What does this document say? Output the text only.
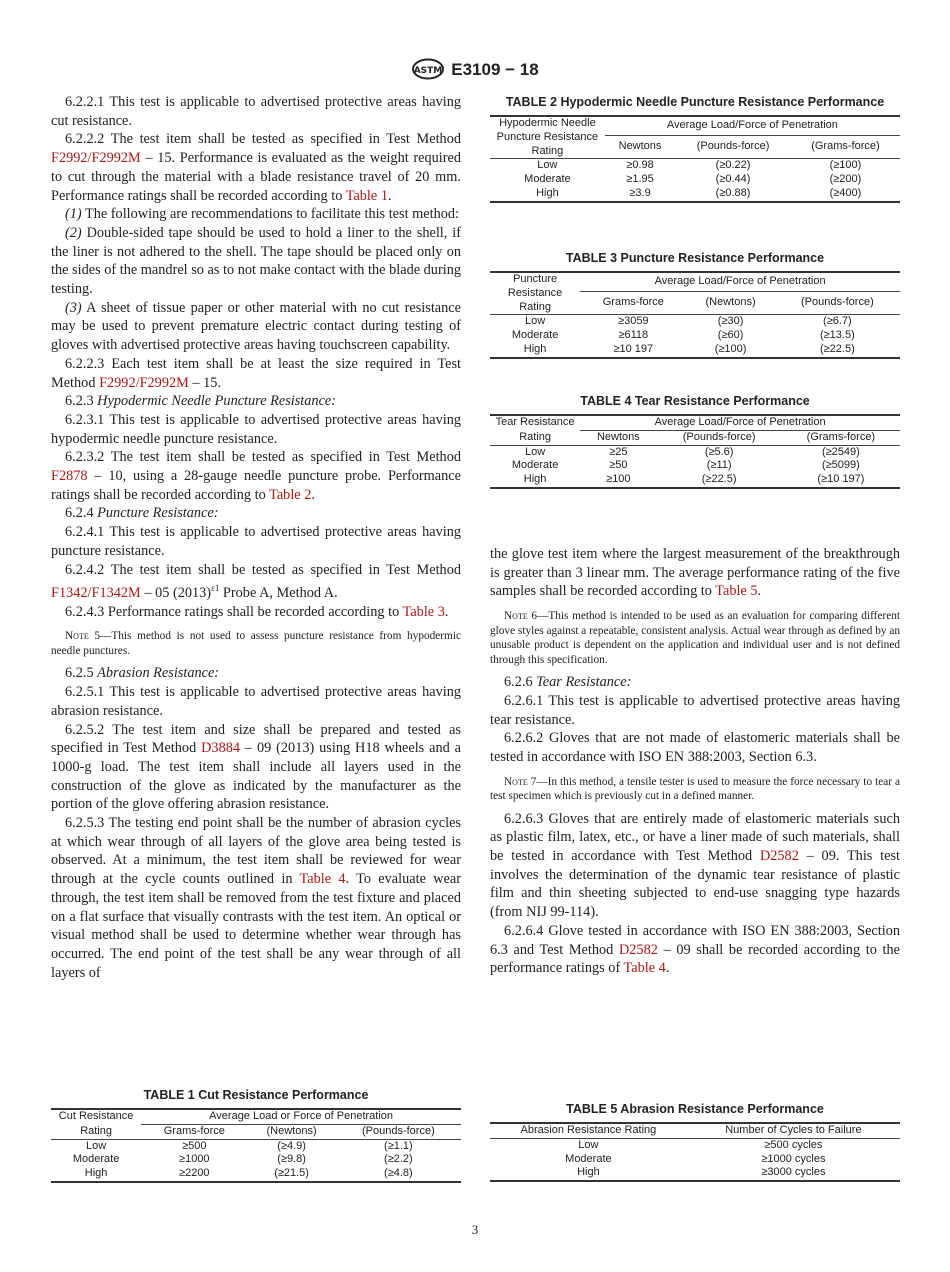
ASTM E3109 − 18

6.2.2.1 This test is applicable to advertised protective areas having cut resistance.

6.2.2.2 The test item shall be tested as specified in Test Method F2992/F2992M – 15. Performance is evaluated as the weight required to cut through the material with a blade resistance travel of 20 mm. Performance ratings shall be recorded according to Table 1.

(1) The following are recommendations to facilitate this test method:

(2) Double-sided tape should be used to hold a liner to the shell, if the liner is not adhered to the shell. The tape should be placed only on the sides of the mandrel so as to not make contact with the blade during testing.

(3) A sheet of tissue paper or other material with no cut resistance may be used to prevent premature electric contact during testing of gloves with advertised protective areas having touchscreen capability.

6.2.2.3 Each test item shall be at least the size required in Test Method F2992/F2992M – 15.

6.2.3 Hypodermic Needle Puncture Resistance:

6.2.3.1 This test is applicable to advertised protective areas having hypodermic needle puncture resistance.

6.2.3.2 The test item shall be tested as specified in Test Method F2878 – 10, using a 28-gauge needle puncture probe. Performance ratings shall be recorded according to Table 2.

6.2.4 Puncture Resistance:

6.2.4.1 This test is applicable to advertised protective areas having puncture resistance.

6.2.4.2 The test item shall be tested as specified in Test Method F1342/F1342M – 05 $(2013)^{\varepsilon 1}$ Probe A, Method A.

6.2.4.3 Performance ratings shall be recorded according to Table 3.

Note 5—This method is not used to assess puncture resistance from hypodermic needle punctures.

6.2.5 Abrasion Resistance:

6.2.5.1 This test is applicable to advertised protective areas having abrasion resistance.

6.2.5.2 The test item and size shall be prepared and tested as specified in Test Method D3884 – 09 (2013) using H18 wheels and a 1000-g load. The test item shall include all layers used in the construction of the glove as indicated by the manufacturer as the portion of the glove offering abrasion resistance.

6.2.5.3 The testing end point shall be the number of abrasion cycles at which wear through of all layers of the glove area being tested is observed. At a minimum, the test item shall be reviewed for wear through at the cycle counts outlined in Table 4. To evaluate wear through, the test item shall be removed from the test fixture and placed on a flat surface that visually contrasts with the test item. An optical or visual method shall be used to determine whether wear through has occurred. The end point of the test shall be any wear through of all layers of

the glove test item where the largest measurement of the breakthrough is greater than 3 linear mm. The average performance rating of the five samples shall be recorded according to Table 5.

Note 6—This method is intended to be used as an evaluation for comparing different glove styles against a repeatable, consistent analysis. Actual wear through as defined by an unusable product is dependent on the application and individual user and is not defined through this specification.

6.2.6 Tear Resistance:

6.2.6.1 This test is applicable to advertised protective areas having tear resistance.

6.2.6.2 Gloves that are not made of elastomeric materials shall be tested in accordance with ISO EN 388:2003, Section 6.3.

Note 7—In this method, a tensile tester is used to measure the force necessary to tear a test specimen which is previously cut in a defined manner.

6.2.6.3 Gloves that are entirely made of elastomeric materials such as plastic film, latex, etc., or have a liner made of such materials, shall be tested in accordance with Test Method D2582 – 09. This test involves the determination of the dynamic tear resistance of plastic film and thin sheeting subjected to end-use snagging type hazards (from NIJ 99-114).

6.2.6.4 Glove tested in accordance with ISO EN 388:2003, Section 6.3 and Test Method D2582 – 09 shall be recorded according to the performance ratings of Table 4.

TABLE 2 Hypodermic Needle Puncture Resistance Performance
Hypodermic Needle Puncture Resistance Rating	Average Load/Force of Penetration		
	Newtons	(Pounds-force)	(Grams-force)
Low	≥0.98	(≥0.22)	(≥100)
Moderate	≥1.95	(≥0.44)	(≥200)
High	≥3.9	(≥0.88)	(≥400)
TABLE 3 Puncture Resistance Performance
Puncture Resistance Rating	Average Load/Force of Penetration		
	Grams-force	(Newtons)	(Pounds-force)
Low	≥3059	(≥30)	(≥6.7)
Moderate	≥6118	(≥60)	(≥13.5)
High	≥10 197	(≥100)	(≥22.5)
TABLE 4 Tear Resistance Performance
Tear Resistance	Average Load/Force of Penetration		
Rating	Newtons	(Pounds-force)	(Grams-force)
Low	≥25	(≥5.6)	(≥2549)
Moderate	≥50	(≥11)	(≥5099)
High	≥100	(≥22.5)	(≥10 197)
TABLE 1 Cut Resistance Performance
Cut Resistance	Average Load or Force of Penetration		
Rating	Grams-force	(Newtons)	(Pounds-force)
Low	≥500	(≥4.9)	(≥1.1)
Moderate	≥1000	(≥9.8)	(≥2.2)
High	≥2200	(≥21.5)	(≥4.8)
TABLE 5 Abrasion Resistance Performance
Abrasion Resistance Rating	Number of Cycles to Failure
Low	≥500 cycles
Moderate	≥1000 cycles
High	≥3000 cycles
3
